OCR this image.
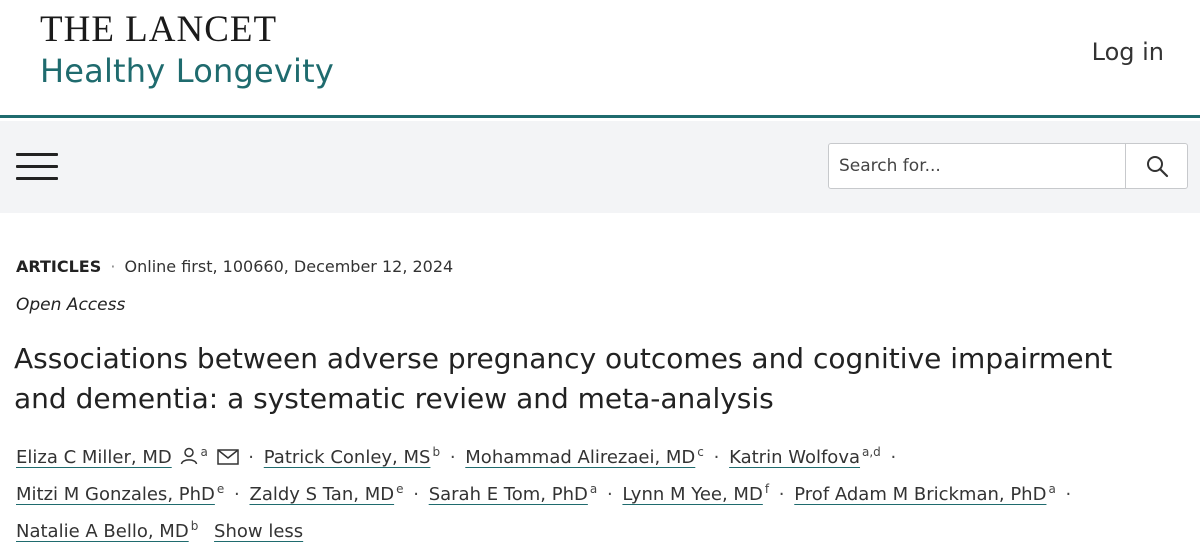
THE LANCET
Healthy Longevity	Log in
Search for...
ARTICLES · Online first, 100660, December 12, 2024
Open Access
Associations between adverse pregnancy outcomes and cognitive impairment and dementia: a systematic review and meta-analysis
Eliza C Miller, MD $^a$ · Patrick Conley, MS $^b$ · Mohammad Alirezaei, MD $^c$ · Katrin Wolfova $^{a,d}$ ·
Mitzi M Gonzales, PhD $^e$ · Zaldy S Tan, MD $^e$ · Sarah E Tom, PhD $^a$ · Lynn M Yee, MD $^f$ · Prof Adam M Brickman, PhD $^a$ ·
Natalie A Bello, MD $^b$ Show less
